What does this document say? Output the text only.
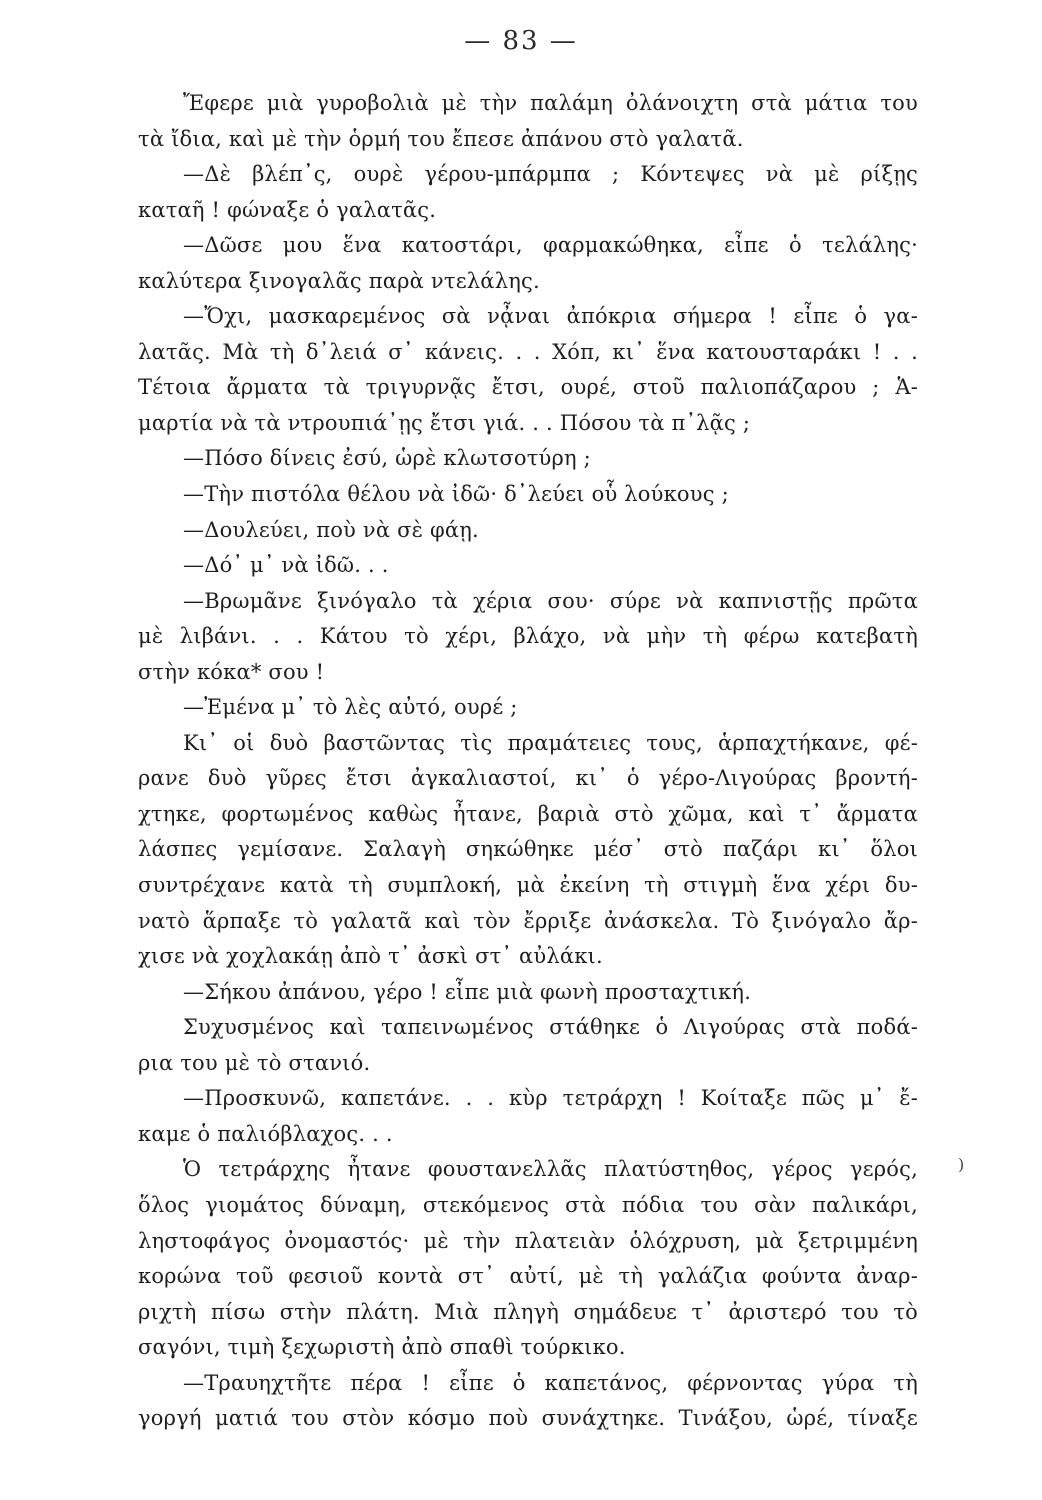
— 83 —
Ἔφερε μιὰ γυροβολιὰ μὲ τὴν παλάμη ὀλάνοιχτη στὰ μάτια του
τὰ ἴδια, καὶ μὲ τὴν ὁρμή του ἔπεσε ἀπάνου στὸ γαλατᾶ.
—Δὲ βλέπ᾽ς, ουρὲ γέρου-μπάρμπα ; Κόντεψες νὰ μὲ ρίξῃς
καταῆ ! φώναξε ὁ γαλατᾶς.
—Δῶσε μου ἕνα κατοστάρι, φαρμακώθηκα, εἶπε ὁ τελάλης·
καλύτερα ξινογαλᾶς παρὰ ντελάλης.
—Ὄχι, μασκαρεμένος σὰ νᾆναι ἀπόκρια σήμερα ! εἶπε ὁ γα-
λατᾶς. Μὰ τὴ δ᾽λειά σ᾽ κάνεις. . . Χόπ, κι᾽ ἕνα κατουσταράκι ! . .
Τέτοια ἄρματα τὰ τριγυρνᾷς ἔτσι, ουρέ, στοῦ παλιοπάζαρου ; Ἁ-
μαρτία νὰ τὰ ντρουπιά᾽ῃς ἔτσι γιά. . . Πόσου τὰ π᾽λᾷς ;
—Πόσο δίνεις ἐσύ, ὡρὲ κλωτσοτύρη ;
—Τὴν πιστόλα θέλου νὰ ἰδῶ· δ᾽λεύει οὗ λούκους ;
—Δουλεύει, ποὺ νὰ σὲ φάῃ.
—Δό᾽ μ᾽ νὰ ἰδῶ. . .
—Βρωμᾶνε ξινόγαλο τὰ χέρια σου· σύρε νὰ καπνιστῇς πρῶτα
μὲ λιβάνι. . . Κάτου τὸ χέρι, βλάχο, νὰ μὴν τὴ φέρω κατεβατὴ
στὴν κόκα* σου !
—Ἐμένα μ᾽ τὸ λὲς αὐτό, ουρέ ;
Κι᾽ οἱ δυὸ βαστῶντας τὶς πραμάτειες τους, ἁρπαχτήκανε, φέ-
ρανε δυὸ γῦρες ἔτσι ἀγκαλιαστοί, κι᾽ ὁ γέρο-Λιγούρας βροντή-
χτηκε, φορτωμένος καθὼς ἦτανε, βαριὰ στὸ χῶμα, καὶ τ᾽ ἄρματα
λάσπες γεμίσανε. Σαλαγὴ σηκώθηκε μέσ᾽ στὸ παζάρι κι᾽ ὅλοι
συντρέχανε κατὰ τὴ συμπλοκή, μὰ ἐκείνη τὴ στιγμὴ ἕνα χέρι δυ-
νατὸ ἅρπαξε τὸ γαλατᾶ καὶ τὸν ἔρριξε ἀνάσκελα. Τὸ ξινόγαλο ἄρ-
χισε νὰ χοχλακάῃ ἀπὸ τ᾽ ἀσκὶ στ᾽ αὐλάκι.
—Σήκου ἀπάνου, γέρο ! εἶπε μιὰ φωνὴ προσταχτική.
Συχυσμένος καὶ ταπεινωμένος στάθηκε ὁ Λιγούρας στὰ ποδά-
ρια του μὲ τὸ στανιό.
—Προσκυνῶ, καπετάνε. . . κὺρ τετράρχη ! Κοίταξε πῶς μ᾽ ἔ-
καμε ὁ παλιόβλαχος. . .
Ὁ τετράρχης ἦτανε φουστανελλᾶς πλατύστηθος, γέρος γερός,
ὅλος γιομάτος δύναμη, στεκόμενος στὰ πόδια του σὰν παλικάρι,
ληστοφάγος ὀνομαστός· μὲ τὴν πλατειὰν ὁλόχρυση, μὰ ξετριμμένη
κορώνα τοῦ φεσιοῦ κοντὰ στ᾽ αὐτί, μὲ τὴ γαλάζια φούντα ἀναρ-
ριχτὴ πίσω στὴν πλάτη. Μιὰ πληγὴ σημάδευε τ᾽ ἀριστερό του τὸ
σαγόνι, τιμὴ ξεχωριστὴ ἀπὸ σπαθὶ τούρκικο.
—Τραυηχτῆτε πέρα ! εἶπε ὁ καπετάνος, φέρνοντας γύρα τὴ
γοργή ματιά του στὸν κόσμο ποὺ συνάχτηκε. Τινάξου, ὡρέ, τίναξε
)
